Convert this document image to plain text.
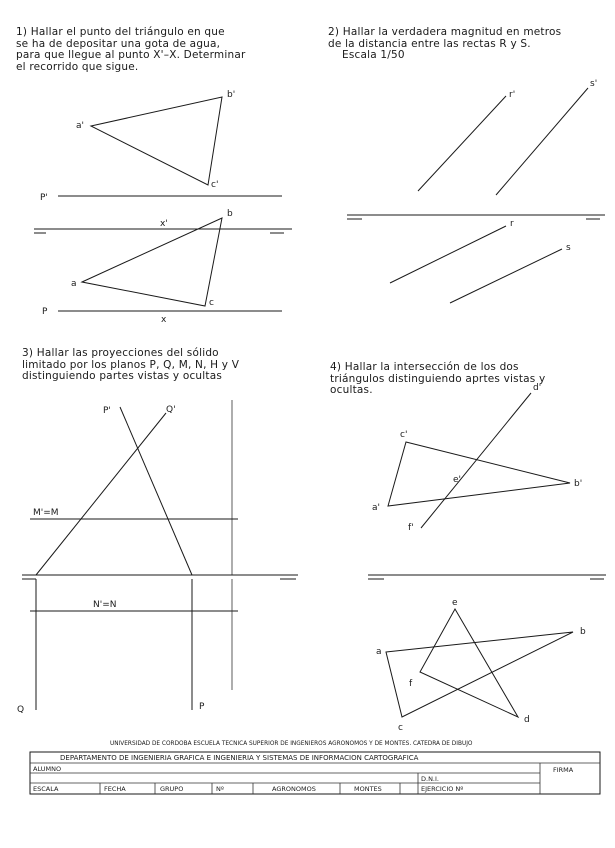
1) Hallar el punto del triángulo en que
se ha de depositar una gota de agua,
para que llegue al punto X'–X. Determinar
el recorrido que sigue.
2) Hallar la verdadera magnitud en metros
de la distancia entre las rectas R y S.
Escala 1/50
3) Hallar las proyecciones del sólido
limitado por los planos P, Q, M, N, H y V
distinguiendo partes vistas y ocultas
4) Hallar la intersección de los dos
triángulos distinguiendo aprtes vistas y
ocultas.
a'
b'
c'
P'
x'
a
b
c
P
x
r'
s'
r
s
P'	Q'
M'=M
N'=N
Q	P
c'
b'
a'
d'
e'
f'
e
a
b
f
c
d
UNIVERSIDAD DE CORDOBA ESCUELA TECNICA SUPERIOR DE INGENIEROS AGRONOMOS Y DE MONTES. CATEDRA DE DIBUJO
DEPARTAMENTO DE INGENIERIA GRAFICA E INGENIERIA Y SISTEMAS DE INFORMACION CARTOGRAFICA
FIRMA
ALUMNO
D.N.I.
ESCALA	FECHA	GRUPO	Nº	AGRONOMOS	MONTES	EJERCICIO Nº
